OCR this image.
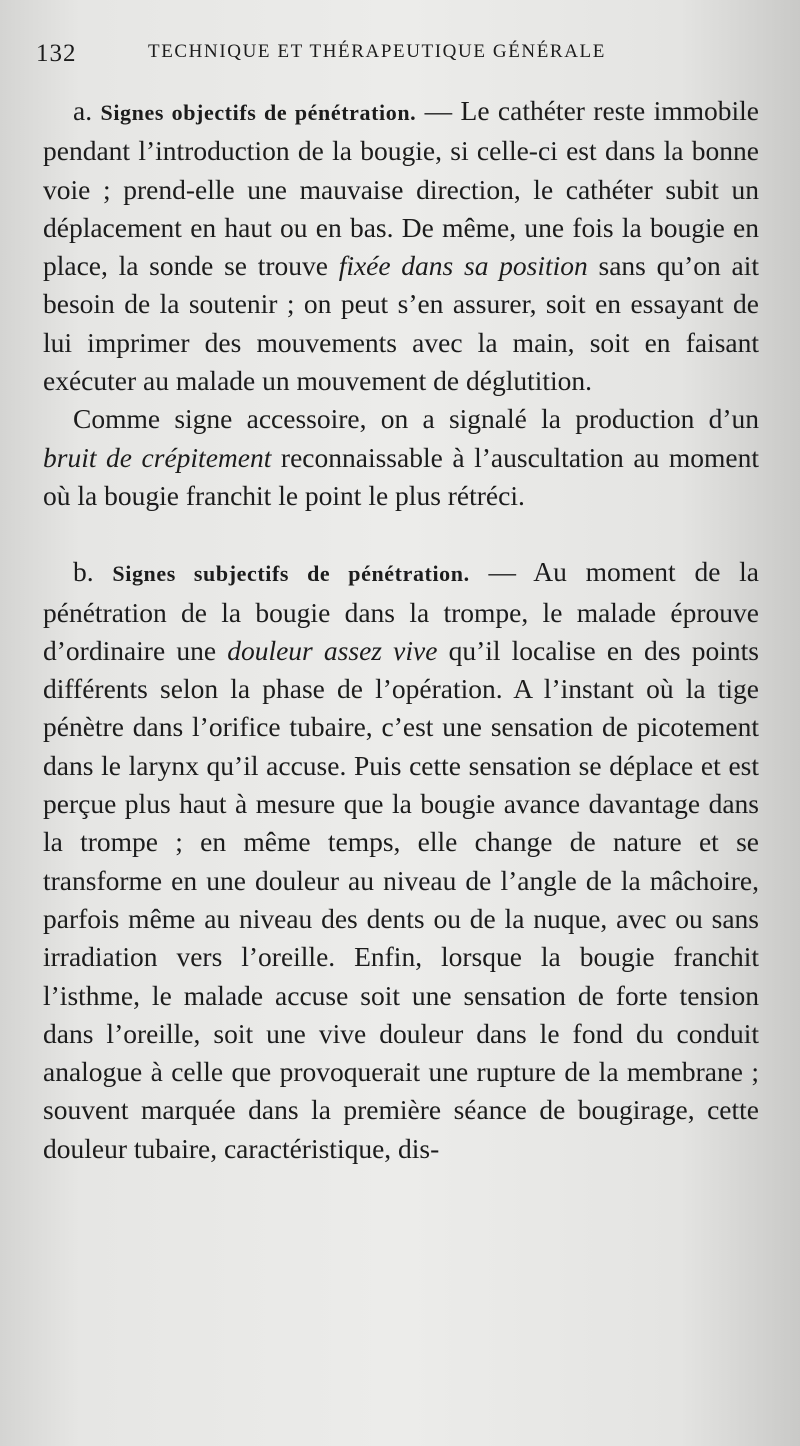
132	TECHNIQUE ET THÉRAPEUTIQUE GÉNÉRALE

a. Signes objectifs de pénétration. — Le cathéter reste immobile pendant l’introduction de la bougie, si celle-ci est dans la bonne voie ; prend-elle une mauvaise direction, le cathéter subit un déplacement en haut ou en bas. De même, une fois la bougie en place, la sonde se trouve fixée dans sa position sans qu’on ait besoin de la soutenir ; on peut s’en assurer, soit en essayant de lui imprimer des mouvements avec la main, soit en faisant exécuter au malade un mouvement de déglutition.

Comme signe accessoire, on a signalé la production d’un bruit de crépitement reconnaissable à l’auscultation au moment où la bougie franchit le point le plus rétréci.

b. Signes subjectifs de pénétration. — Au moment de la pénétration de la bougie dans la trompe, le malade éprouve d’ordinaire une douleur assez vive qu’il localise en des points différents selon la phase de l’opération. A l’instant où la tige pénètre dans l’orifice tubaire, c’est une sensation de picotement dans le larynx qu’il accuse. Puis cette sensation se déplace et est perçue plus haut à mesure que la bougie avance davantage dans la trompe ; en même temps, elle change de nature et se transforme en une douleur au niveau de l’angle de la mâchoire, parfois même au niveau des dents ou de la nuque, avec ou sans irradiation vers l’oreille. Enfin, lorsque la bougie franchit l’isthme, le malade accuse soit une sensation de forte tension dans l’oreille, soit une vive douleur dans le fond du conduit analogue à celle que provoquerait une rupture de la membrane ; souvent marquée dans la première séance de bougirage, cette douleur tubaire, caractéristique, dis-
